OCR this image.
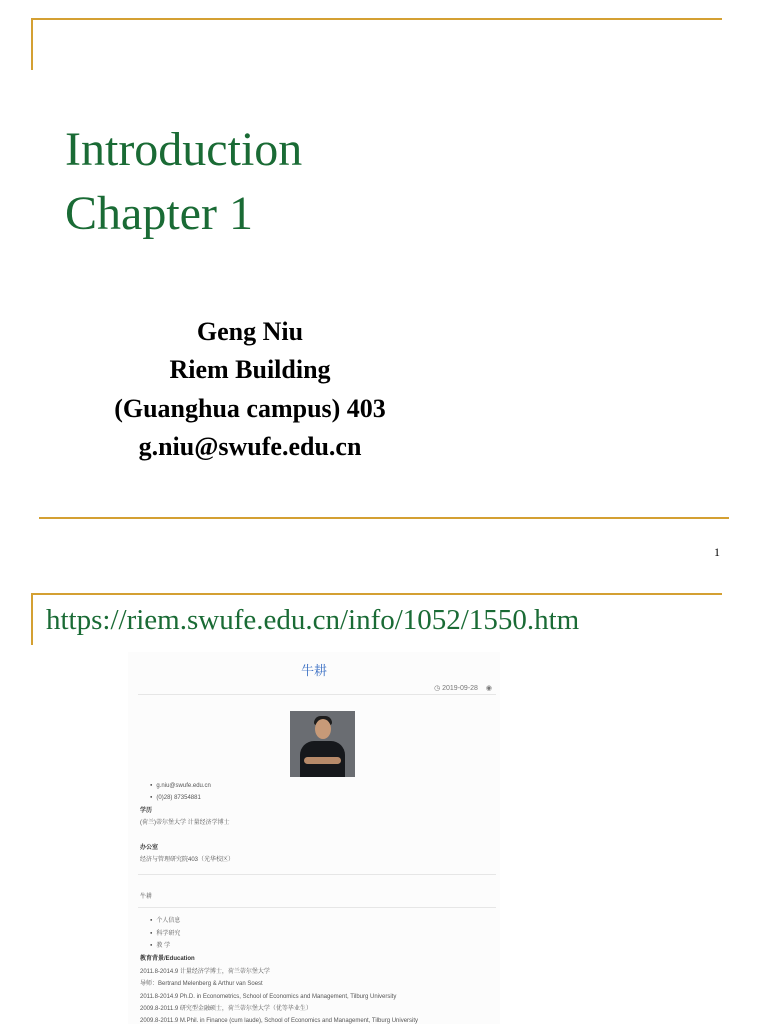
Introduction
Chapter 1
Geng Niu
Riem Building
(Guanghua campus) 403
g.niu@swufe.edu.cn
1
https://riem.swufe.edu.cn/info/1052/1550.htm
牛耕
◷ 2019-09-28 ◉
● g.niu@swufe.edu.cn
● (0)28) 87354881
学历
(荷兰)蒂尔堡大学 计量经济学博士
办公室
经济与管理研究院403（光华校区）
牛耕
● 个人信息
● 科学研究
● 教 学
教育背景/Education
2011.8-2014.9 计量经济学博士，荷兰蒂尔堡大学
导师：Bertrand Melenberg & Arthur van Soest
2011.8-2014.9 Ph.D. in Econometrics, School of Economics and Management, Tilburg University
2009.8-2011.9 研究型金融硕士，荷兰蒂尔堡大学（优等毕业生）
2009.8-2011.9 M.Phil. in Finance (cum laude), School of Economics and Management, Tilburg University
